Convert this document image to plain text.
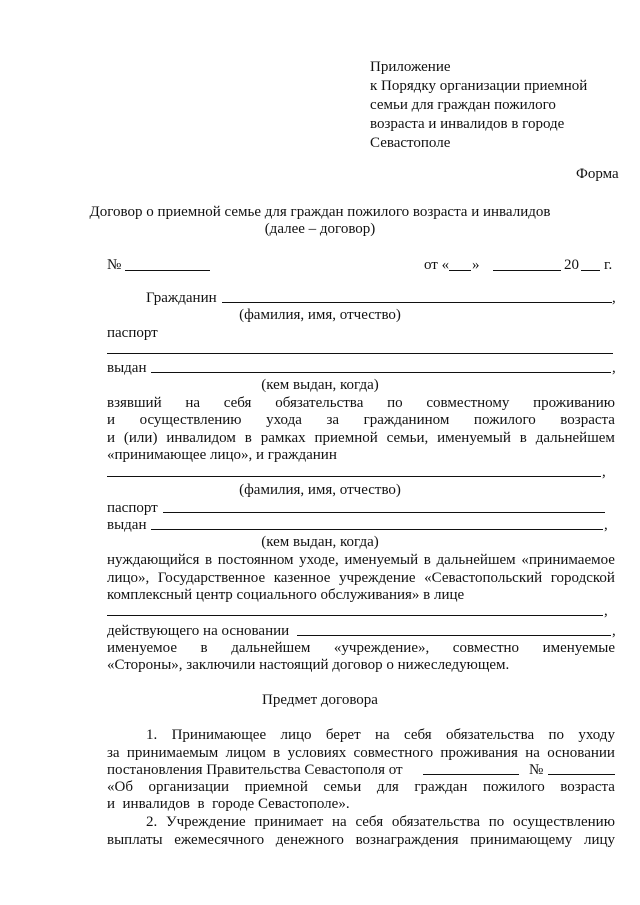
Приложение
к Порядку организации приемной
семьи для граждан пожилого
возраста и инвалидов в городе
Севастополе
Форма
Договор о приемной семье для граждан пожилого возраста и инвалидов
(далее – договор)
№	от « »	20 г.
Гражданин	,
(фамилия, имя, отчество)
паспорт
выдан	,
(кем выдан, когда)
взявший на себя обязательства по совместному проживанию
и осуществлению ухода за гражданином пожилого возраста
и (или) инвалидом в рамках приемной семьи, именуемый в дальнейшем
«принимающее лицо», и гражданин
,
(фамилия, имя, отчество)
паспорт
выдан	,
(кем выдан, когда)
нуждающийся в постоянном уходе, именуемый в дальнейшем «принимаемое
лицо», Государственное казенное учреждение «Севастопольский городской
комплексный центр социального обслуживания» в лице
,
действующего на основании	,
именуемое в дальнейшем «учреждение», совместно именуемые
«Стороны», заключили настоящий договор о нижеследующем.
Предмет договора
1. Принимающее лицо берет на себя обязательства по уходу
за принимаемым лицом в условиях совместного проживания на основании
постановления Правительства Севастополя от	№
«Об организации приемной семьи для граждан пожилого возраста
и  инвалидов  в  городе Севастополе».
2. Учреждение принимает на себя обязательства по осуществлению
выплаты ежемесячного денежного вознаграждения принимающему лицу
